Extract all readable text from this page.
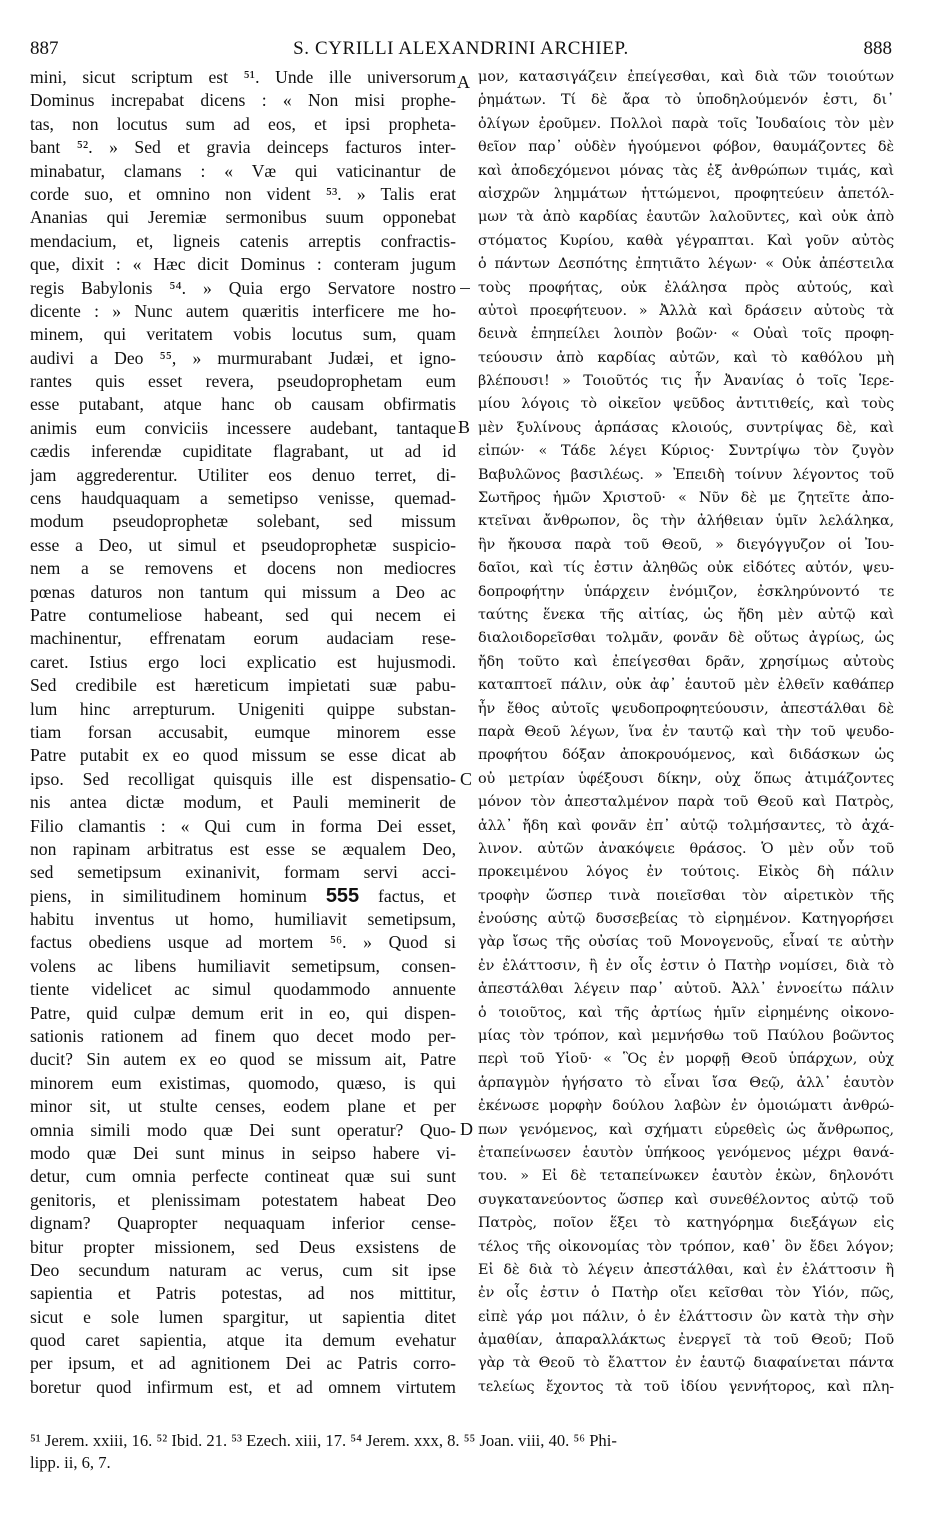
887	S. CYRILLI ALEXANDRINI ARCHIEP.	888
mini, sicut scriptum est ⁵¹. Unde ille universorum
Dominus increpabat dicens : « Non misi prophe-
tas, non locutus sum ad eos, et ipsi propheta-
bant ⁵². » Sed et gravia deinceps facturos inter-
minabatur, clamans : « Væ qui vaticinantur de
corde suo, et omnino non vident ⁵³. » Talis erat
Ananias qui Jeremiæ sermonibus suum opponebat
mendacium, et, ligneis catenis arreptis confractis-
que, dixit : « Hæc dicit Dominus : conteram jugum
regis Babylonis ⁵⁴. » Quia ergo Servatore nostro
dicente : » Nunc autem quæritis interficere me ho-
minem, qui veritatem vobis locutus sum, quam
audivi a Deo ⁵⁵, » murmurabant Judæi, et igno-
rantes quis esset revera, pseudoprophetam eum
esse putabant, atque hanc ob causam obfirmatis
animis eum conviciis incessere audebant, tantaque
cædis inferendæ cupiditate flagrabant, ut ad id
jam aggrederentur. Utiliter eos denuo terret, di-
cens haudquaquam a semetipso venisse, quemad-
modum pseudoprophetæ solebant, sed missum
esse a Deo, ut simul et pseudoprophetæ suspicio-
nem a se removens et docens non mediocres
pœnas daturos non tantum qui missum a Deo ac
Patre contumeliose habeant, sed qui necem ei
machinentur, effrenatam eorum audaciam rese-
caret. Istius ergo loci explicatio est hujusmodi.
Sed credibile est hæreticum impietati suæ pabu-
lum hinc arrepturum. Unigeniti quippe substan-
tiam forsan accusabit, eumque minorem esse
Patre putabit ex eo quod missum se esse dicat ab
ipso. Sed recolligat quisquis ille est dispensatio-
nis antea dictæ modum, et Pauli meminerit de
Filio clamantis : « Qui cum in forma Dei esset,
non rapinam arbitratus est esse se æqualem Deo,
sed semetipsum exinanivit, formam servi acci-
piens, in similitudinem hominum 555 factus, et
habitu inventus ut homo, humiliavit semetipsum,
factus obediens usque ad mortem ⁵⁶. » Quod si
volens ac libens humiliavit semetipsum, consen-
tiente videlicet ac simul quodammodo annuente
Patre, quid culpæ demum erit in eo, qui dispen-
sationis rationem ad finem quo decet modo per-
ducit? Sin autem ex eo quod se missum ait, Patre
minorem eum existimas, quomodo, quæso, is qui
minor sit, ut stulte censes, eodem plane et per
omnia simili modo quæ Dei sunt operatur? Quo-
modo quæ Dei sunt minus in seipso habere vi-
detur, cum omnia perfecte contineat quæ sui sunt
genitoris, et plenissimam potestatem habeat Deo
dignam? Quapropter nequaquam inferior cense-
bitur propter missionem, sed Deus exsistens de
Deo secundum naturam ac verus, cum sit ipse
sapientia et Patris potestas, ad nos mittitur,
sicut e sole lumen spargitur, ut sapientia ditet
quod caret sapientia, atque ita demum evehatur
per ipsum, et ad agnitionem Dei ac Patris corro-
boretur quod infirmum est, et ad omnem virtutem
μον, κατασιγάζειν ἐπείγεσθαι, καὶ διὰ τῶν τοιούτων
ῥημάτων. Τί δὲ ἄρα τὸ ὑποδηλούμενόν ἐστι, δι᾽
ὀλίγων ἐροῦμεν. Πολλοὶ παρὰ τοῖς Ἰουδαίοις τὸν μὲν
θεῖον παρ᾽ οὐδὲν ἡγούμενοι φόβον, θαυμάζοντες δὲ
καὶ ἀποδεχόμενοι μόνας τὰς ἐξ ἀνθρώπων τιμάς, καὶ
αἰσχρῶν λημμάτων ἡττώμενοι, προφητεύειν ἀπετόλ-
μων τὰ ἀπὸ καρδίας ἑαυτῶν λαλοῦντες, καὶ οὐκ ἀπὸ
στόματος Κυρίου, καθὰ γέγραπται. Καὶ γοῦν αὐτὸς
ὁ πάντων Δεσπότης ἐπητιᾶτο λέγων· « Οὐκ ἀπέστειλα
τοὺς προφήτας, οὐκ ἐλάλησα πρὸς αὐτούς, καὶ
αὐτοὶ προεφήτευον. » Ἀλλὰ καὶ δράσειν αὐτοὺς τὰ
δεινὰ ἐπηπείλει λοιπὸν βοῶν· « Οὐαὶ τοῖς προφη-
τεύουσιν ἀπὸ καρδίας αὐτῶν, καὶ τὸ καθόλου μὴ
βλέπουσι! » Τοιοῦτός τις ἦν Ἀνανίας ὁ τοῖς Ἱερε-
μίου λόγοις τὸ οἰκεῖον ψεῦδος ἀντιτιθείς, καὶ τοὺς
μὲν ξυλίνους ἁρπάσας κλοιούς, συντρίψας δὲ, καὶ
εἰπών· « Τάδε λέγει Κύριος· Συντρίψω τὸν ζυγὸν
Βαβυλῶνος βασιλέως. » Ἐπειδὴ τοίνυν λέγοντος τοῦ
Σωτῆρος ἡμῶν Χριστοῦ· « Νῦν δὲ με ζητεῖτε ἀπο-
κτεῖναι ἄνθρωπον, ὃς τὴν ἀλήθειαν ὑμῖν λελάληκα,
ἣν ἤκουσα παρὰ τοῦ Θεοῦ, » διεγόγγυζον οἱ Ἰου-
δαῖοι, καὶ τίς ἐστιν ἀληθῶς οὐκ εἰδότες αὐτόν, ψευ-
δοπροφήτην ὑπάρχειν ἐνόμιζον, ἐσκληρύνοντό τε
ταύτης ἕνεκα τῆς αἰτίας, ὡς ἤδη μὲν αὐτῷ καὶ
διαλοιδορεῖσθαι τολμᾶν, φονᾶν δὲ οὕτως ἀγρίως, ὡς
ἤδη τοῦτο καὶ ἐπείγεσθαι δρᾶν, χρησίμως αὐτοὺς
καταπτοεῖ πάλιν, οὐκ ἀφ᾽ ἑαυτοῦ μὲν ἐλθεῖν καθάπερ
ἦν ἔθος αὐτοῖς ψευδοπροφητεύουσιν, ἀπεστάλθαι δὲ
παρὰ Θεοῦ λέγων, ἵνα ἐν ταυτῷ καὶ τὴν τοῦ ψευδο-
προφήτου δόξαν ἀποκρουόμενος, καὶ διδάσκων ὡς
οὐ μετρίαν ὑφέξουσι δίκην, οὐχ ὅπως ἀτιμάζοντες
μόνον τὸν ἀπεσταλμένον παρὰ τοῦ Θεοῦ καὶ Πατρὸς,
ἀλλ᾽ ἤδη καὶ φονᾶν ἐπ᾽ αὐτῷ τολμήσαντες, τὸ ἀχά-
λινον. αὐτῶν ἀνακόψειε θράσος. Ὁ μὲν οὖν τοῦ
προκειμένου λόγος ἐν τούτοις. Εἰκὸς δὴ πάλιν
τροφὴν ὥσπερ τινὰ ποιεῖσθαι τὸν αἱρετικὸν τῆς
ἐνούσης αὐτῷ δυσσεβείας τὸ εἰρημένον. Κατηγορήσει
γὰρ ἴσως τῆς οὐσίας τοῦ Μονογενοῦς, εἶναί τε αὐτὴν
ἐν ἐλάττοσιν, ἢ ἐν οἷς ἐστιν ὁ Πατὴρ νομίσει, διὰ τὸ
ἀπεστάλθαι λέγειν παρ᾽ αὐτοῦ. Ἀλλ᾽ ἐννοείτω πάλιν
ὁ τοιοῦτος, καὶ τῆς ἀρτίως ἡμῖν εἰρημένης οἰκονο-
μίας τὸν τρόπον, καὶ μεμνήσθω τοῦ Παύλου βοῶντος
περὶ τοῦ Υἱοῦ· « Ὃς ἐν μορφῇ Θεοῦ ὑπάρχων, οὐχ
ἁρπαγμὸν ἡγήσατο τὸ εἶναι ἴσα Θεῷ, ἀλλ᾽ ἑαυτὸν
ἐκένωσε μορφὴν δούλου λαβὼν ἐν ὁμοιώματι ἀνθρώ-
πων γενόμενος, καὶ σχήματι εὑρεθεὶς ὡς ἄνθρωπος,
ἐταπείνωσεν ἑαυτὸν ὑπήκοος γενόμενος μέχρι θανά-
του. » Εἰ δὲ τεταπείνωκεν ἑαυτὸν ἑκὼν, δηλονότι
συγκατανεύοντος ὥσπερ καὶ συνεθέλοντος αὐτῷ τοῦ
Πατρὸς, ποῖον ἕξει τὸ κατηγόρημα διεξάγων εἰς
τέλος τῆς οἰκονομίας τὸν τρόπον, καθ᾽ ὃν ἔδει λόγον;
Εἰ δὲ διὰ τὸ λέγειν ἀπεστάλθαι, καὶ ἐν ἐλάττοσιν ἢ
ἐν οἷς ἐστιν ὁ Πατὴρ οἴει κεῖσθαι τὸν Υἱόν, πῶς,
εἰπὲ γάρ μοι πάλιν, ὁ ἐν ἐλάττοσιν ὢν κατὰ τὴν σὴν
ἀμαθίαν, ἀπαραλλάκτως ἐνεργεῖ τὰ τοῦ Θεοῦ; Ποῦ
γὰρ τὰ Θεοῦ τὸ ἔλαττον ἐν ἑαυτῷ διαφαίνεται πάντα
τελείως ἔχοντος τὰ τοῦ ἰδίου γεννήτορος, καὶ πλη-
A
B
C
D
⁵¹ Jerem. xxiii, 16. ⁵² Ibid. 21. ⁵³ Ezech. xiii, 17. ⁵⁴ Jerem. xxx, 8. ⁵⁵ Joan. viii, 40. ⁵⁶ Phi-
lipp. ii, 6, 7.
